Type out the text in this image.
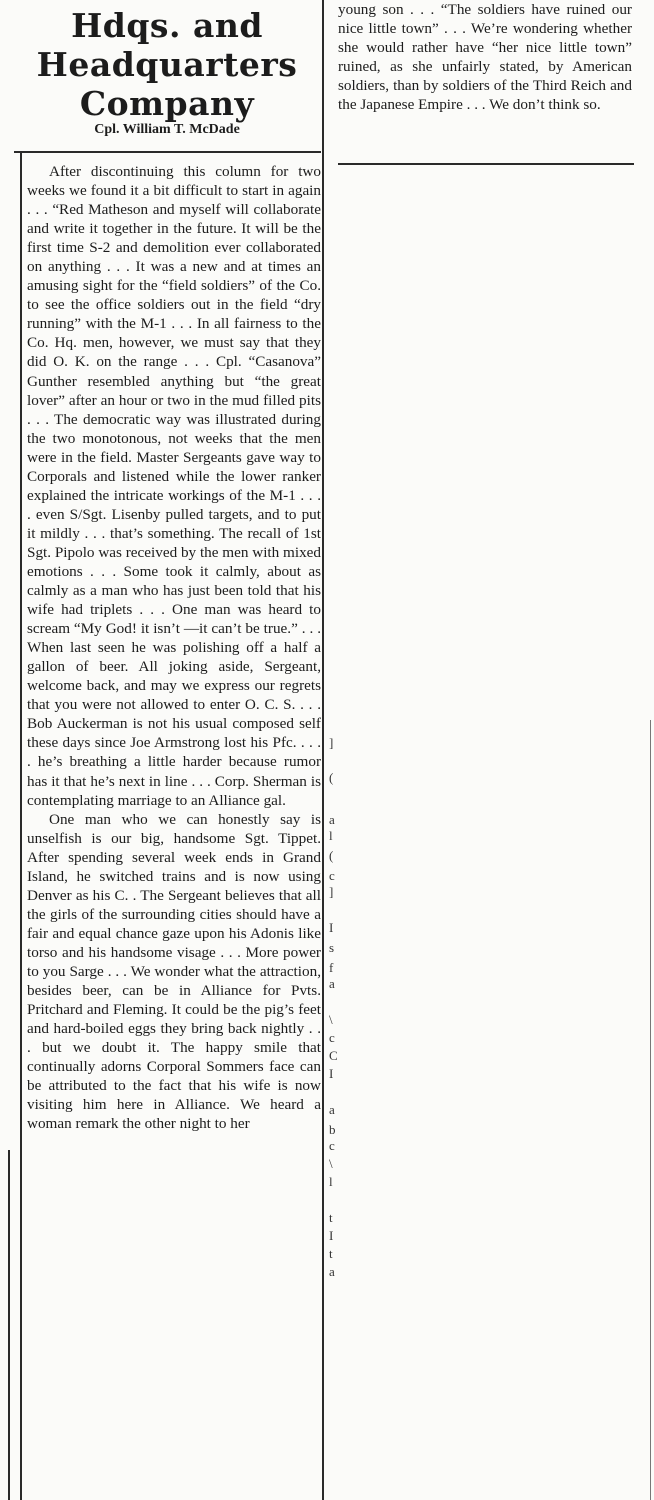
Hdqs. and
Headquarters
Company
Cpl. William T. McDade

After discontinuing this column for two weeks we found it a bit difficult to start in again . . . “Red Matheson and myself will collaborate and write it together in the future. It will be the first time S-2 and demolition ever collaborated on anything . . . It was a new and at times an amusing sight for the “field soldiers” of the Co. to see the office soldiers out in the field “dry running” with the M-1 . . . In all fairness to the Co. Hq. men, however, we must say that they did O. K. on the range . . . Cpl. “Casanova” Gunther resembled anything but “the great lover” after an hour or two in the mud filled pits . . . The democratic way was illustrated during the two monotonous, not weeks that the men were in the field. Master Sergeants gave way to Corporals and listened while the lower ranker explained the intricate workings of the M-1 . . . . even S/Sgt. Lisenby pulled targets, and to put it mildly . . . that’s something. The recall of 1st Sgt. Pipolo was received by the men with mixed emotions . . . Some took it calmly, about as calmly as a man who has just been told that his wife had triplets . . . One man was heard to scream “My God! it isn’t —it can’t be true.” . . . When last seen he was polishing off a half a gallon of beer. All joking aside, Sergeant, welcome back, and may we express our regrets that you were not allowed to enter O. C. S. . . . Bob Auckerman is not his usual composed self these days since Joe Armstrong lost his Pfc. . . . . he’s breathing a little harder because rumor has it that he’s next in line . . . Corp. Sherman is contemplating marriage to an Alliance gal.

One man who we can honestly say is unselfish is our big, handsome Sgt. Tippet. After spending several week ends in Grand Island, he switched trains and is now using Denver as his C. . The Sergeant believes that all the girls of the surrounding cities should have a fair and equal chance gaze upon his Adonis like torso and his handsome visage . . . More power to you Sarge . . . We wonder what the attraction, besides beer, can be in Alliance for Pvts. Pritchard and Fleming. It could be the pig’s feet and hard-boiled eggs they bring back nightly . . . but we doubt it. The happy smile that continually adorns Corporal Sommers face can be attributed to the fact that his wife is now visiting him here in Alliance. We heard a woman remark the other night to her

young son . . . “The soldiers have ruined our nice little town” . . . We’re wondering whether she would rather have “her nice little town” ruined, as she unfairly stated, by American soldiers, than by soldiers of the Third Reich and the Japanese Empire . . . We don’t think so.

]
(
a
l
(
c
]
I
s
f
a
\
c
C
I
a
b
c
\
l
t
I
t
a
